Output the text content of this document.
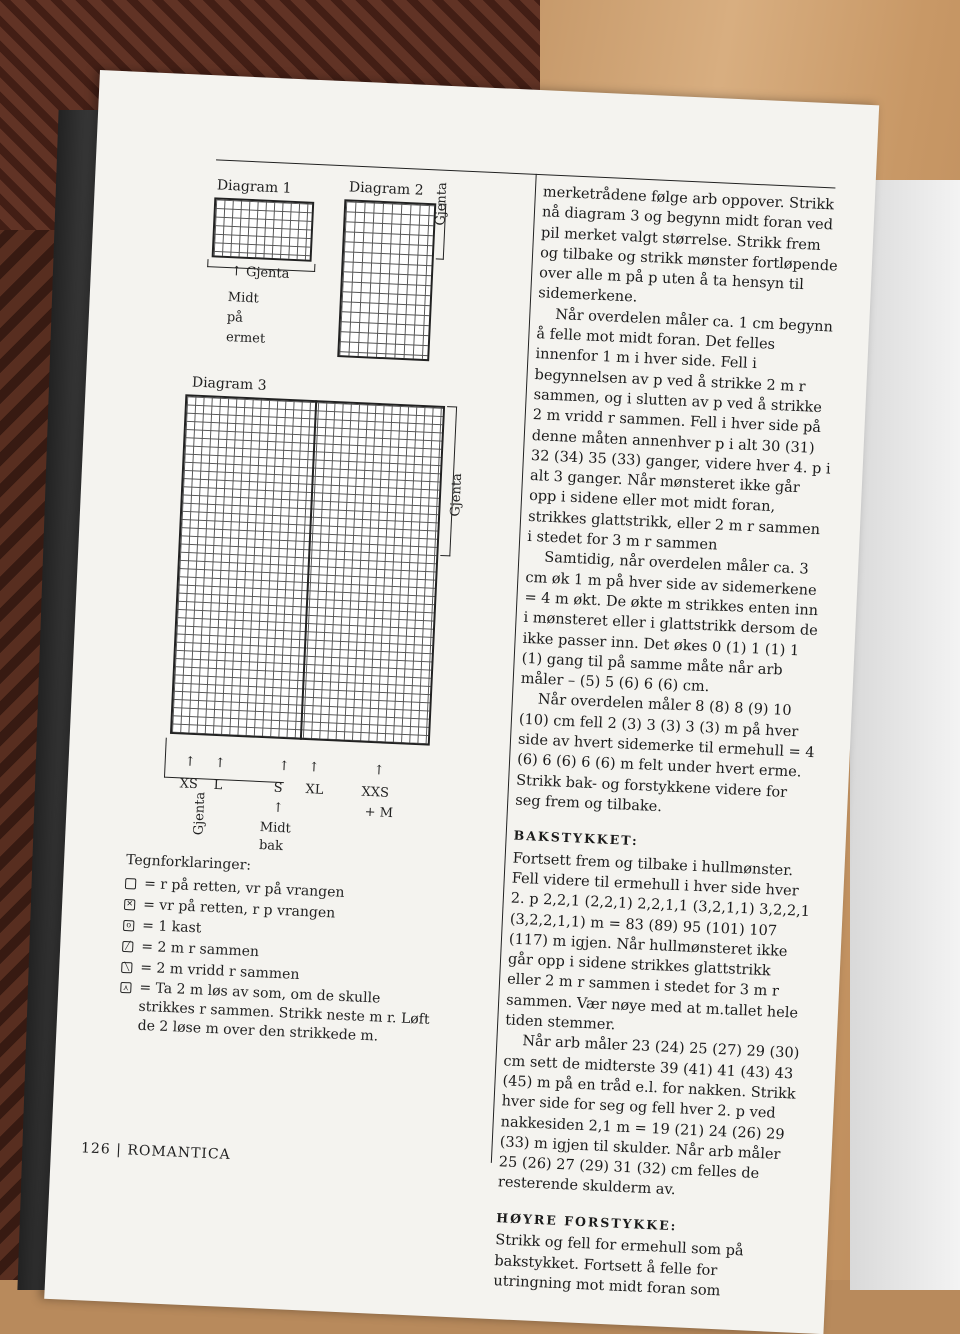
Diagram 1
↑ Gjenta
Midt
på
ermet
Diagram 2 Gjenta
Diagram 3
Gjenta
↑ ↑	↑ ↑	↑
XS L	S XL	XXS
+ M
Gjenta	↑
Midt
bak
Tegnforklaringer:
= r på retten, vr på vrangen
✕ = vr på retten, r p vrangen
o = 1 kast
╱ = 2 m r sammen
╲ = 2 m vridd r sammen
⋏ = Ta 2 m løs av som, om de skulle strikkes r sammen. Strikk neste m r. Løft de 2 løse m over den strikkede m.

merketrådene følge arb oppover. Strikk nå diagram 3 og begynn midt foran ved pil merket valgt størrelse. Strikk frem og tilbake og strikk mønster fortløpende over alle m på p uten å ta hensyn til sidemerkene.

Når overdelen måler ca. 1 cm begynn å felle mot midt foran. Det felles innenfor 1 m i hver side. Fell i begynnelsen av p ved å strikke 2 m r sammen, og i slutten av p ved å strikke 2 m vridd r sammen. Fell i hver side på denne måten annenhver p i alt 30 (31) 32 (34) 35 (33) ganger, videre hver 4. p i alt 3 ganger. Når mønsteret ikke går opp i sidene eller mot midt foran, strikkes glattstrikk, eller 2 m r sammen i stedet for 3 m r sammen

Samtidig, når overdelen måler ca. 3 cm øk 1 m på hver side av sidemerkene = 4 m økt. De økte m strikkes enten inn i mønsteret eller i glattstrikk dersom de ikke passer inn. Det økes 0 (1) 1 (1) 1 (1) gang til på samme måte når arb måler – (5) 5 (6) 6 (6) cm.

Når overdelen måler 8 (8) 8 (9) 10 (10) cm fell 2 (3) 3 (3) 3 (3) m på hver side av hvert sidemerke til ermehull = 4 (6) 6 (6) 6 (6) m felt under hvert erme. Strikk bak- og forstykkene videre for seg frem og tilbake.

BAKSTYKKET:

Fortsett frem og tilbake i hullmønster. Fell videre til ermehull i hver side hver 2. p 2,2,1 (2,2,1) 2,2,1,1 (3,2,1,1) 3,2,2,1 (3,2,2,1,1) m = 83 (89) 95 (101) 107 (117) m igjen. Når hullmønsteret ikke går opp i sidene strikkes glattstrikk eller 2 m r sammen i stedet for 3 m r sammen. Vær nøye med at m.tallet hele tiden stemmer.

Når arb måler 23 (24) 25 (27) 29 (30) cm sett de midterste 39 (41) 41 (43) 43 (45) m på en tråd e.l. for nakken. Strikk hver side for seg og fell hver 2. p ved nakkesiden 2,1 m = 19 (21) 24 (26) 29 (33) m igjen til skulder. Når arb måler 25 (26) 27 (29) 31 (32) cm felles de resterende skulderm av.

HØYRE FORSTYKKE:

Strikk og fell for ermehull som på bakstykket. Fortsett å felle for utringning mot midt foran som

126 | ROMANTICA
